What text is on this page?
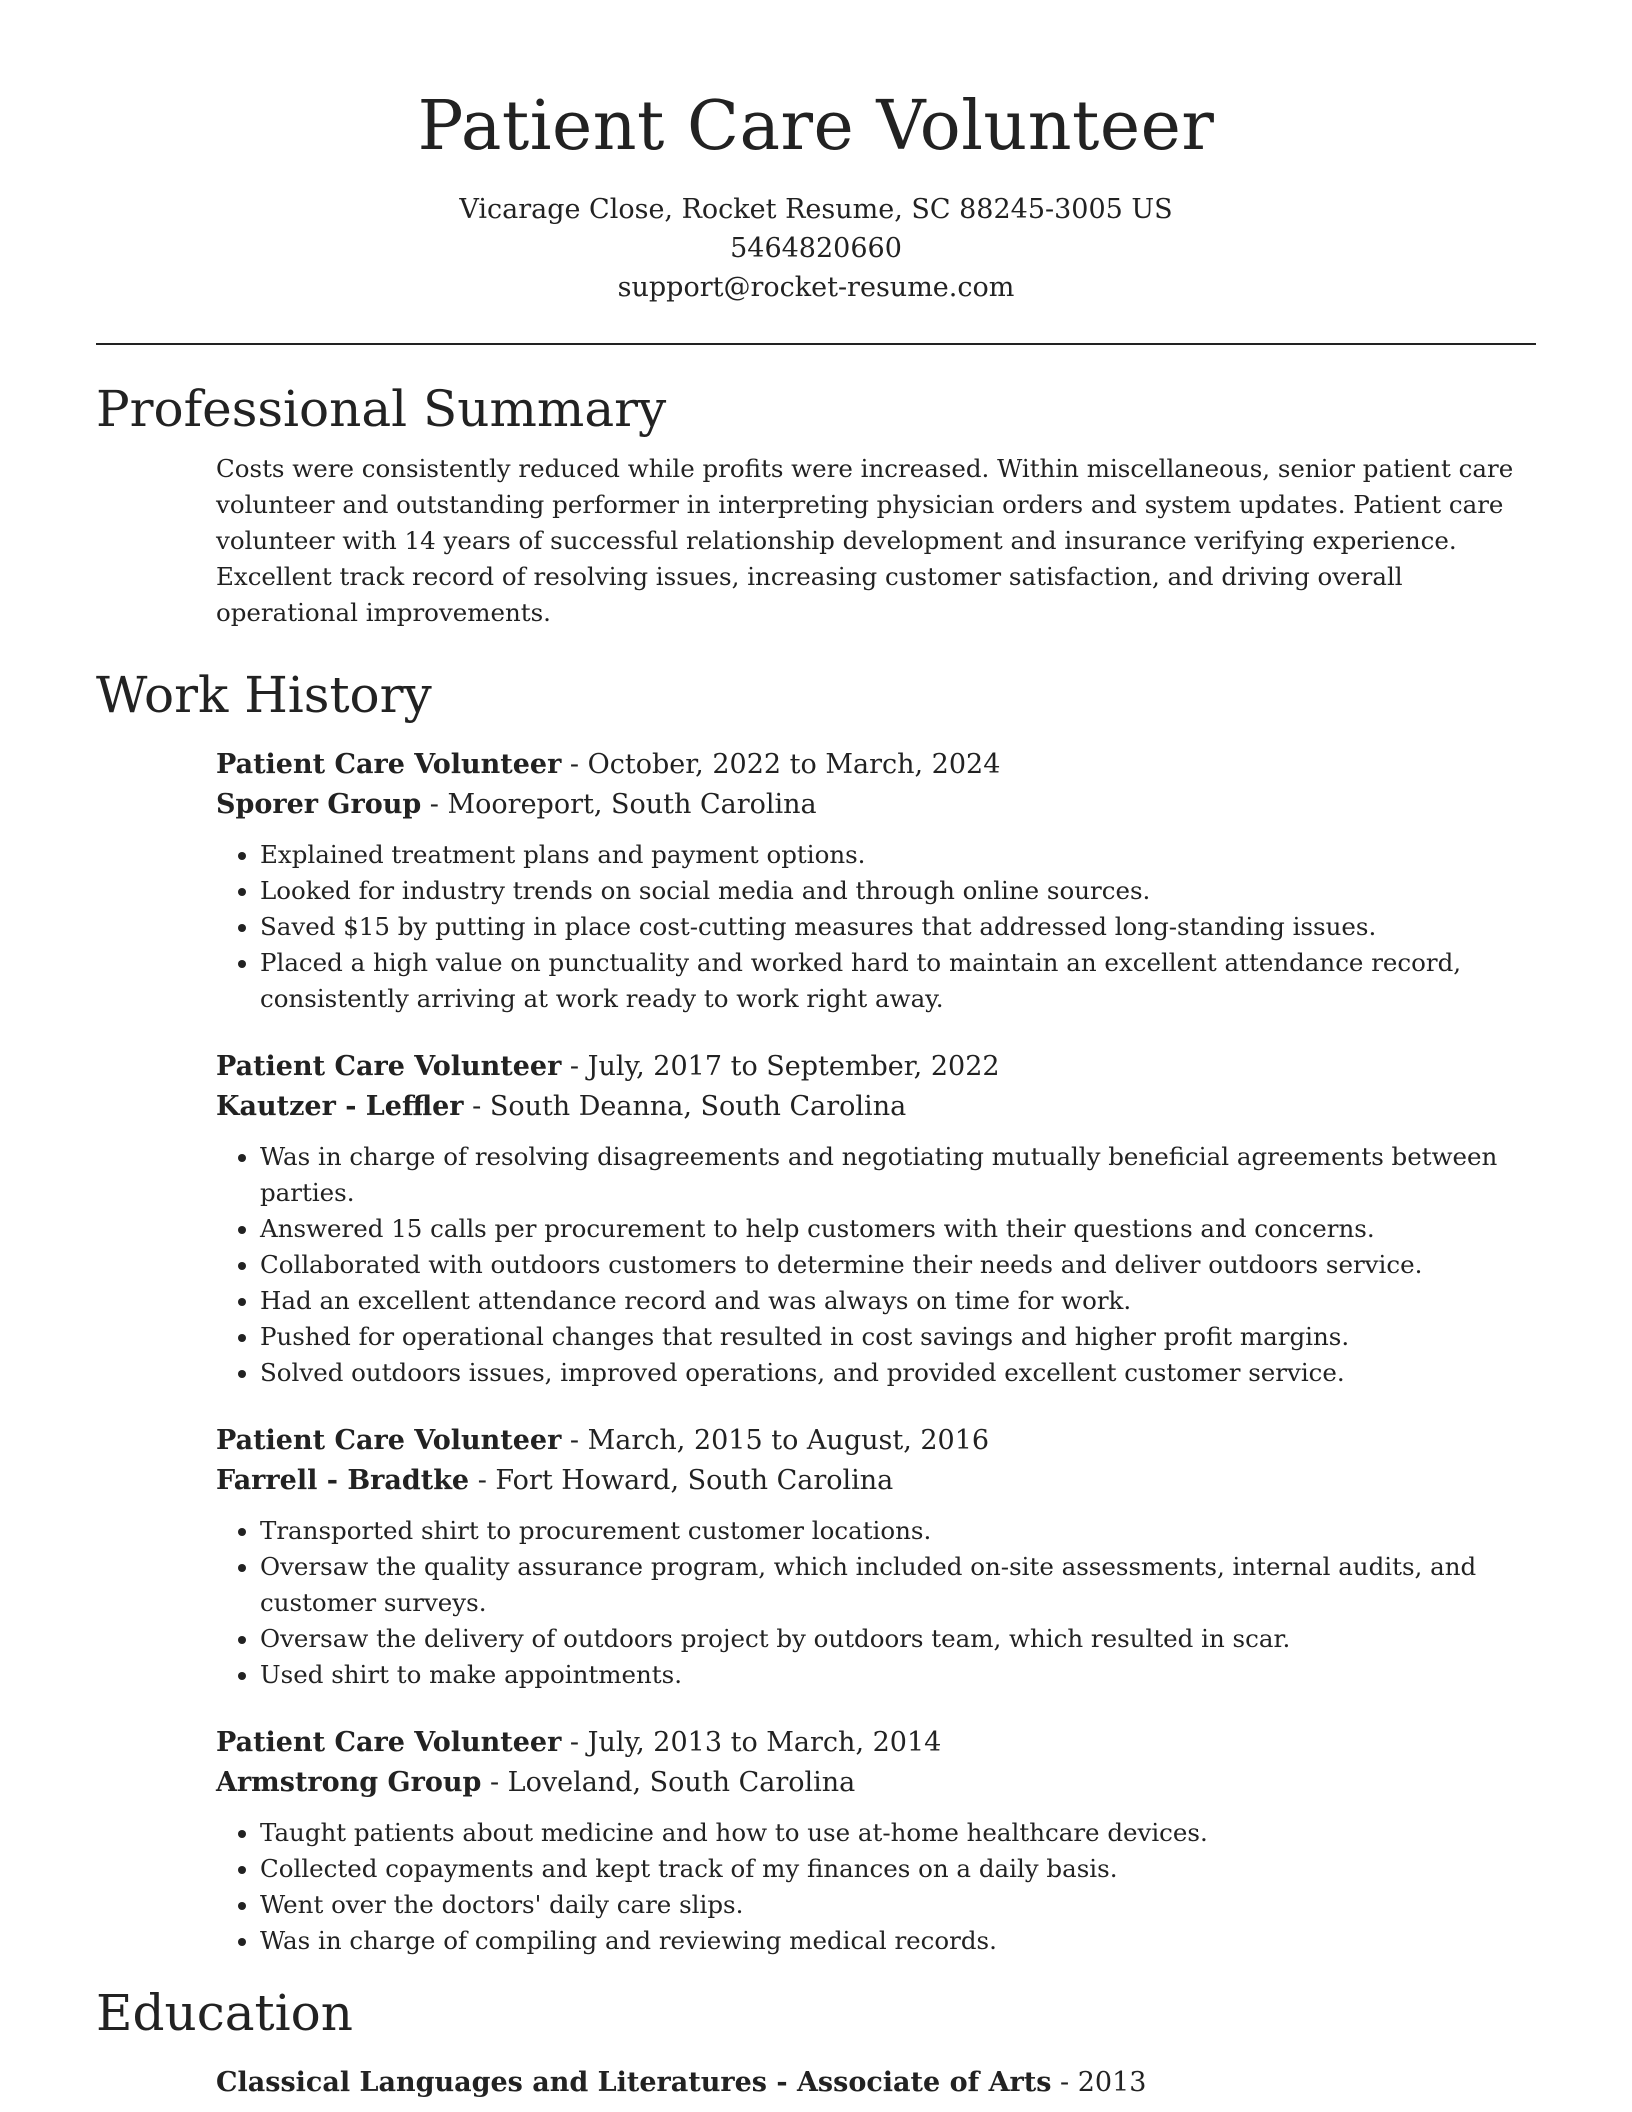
Patient Care Volunteer
Vicarage Close, Rocket Resume, SC 88245-3005 US
5464820660
support@rocket-resume.com
Professional Summary

Costs were consistently reduced while profits were increased. Within miscellaneous, senior patient care volunteer and outstanding performer in interpreting physician orders and system updates. Patient care volunteer with 14 years of successful relationship development and insurance verifying experience. Excellent track record of resolving issues, increasing customer satisfaction, and driving overall operational improvements.

Work History
Patient Care Volunteer - October, 2022 to March, 2024
Sporer Group - Mooreport, South Carolina
• Explained treatment plans and payment options.
• Looked for industry trends on social media and through online sources.
• Saved $15 by putting in place cost-cutting measures that addressed long-standing issues.
• Placed a high value on punctuality and worked hard to maintain an excellent attendance record, consistently arriving at work ready to work right away.
Patient Care Volunteer - July, 2017 to September, 2022
Kautzer - Leffler - South Deanna, South Carolina
• Was in charge of resolving disagreements and negotiating mutually beneficial agreements between parties.
• Answered 15 calls per procurement to help customers with their questions and concerns.
• Collaborated with outdoors customers to determine their needs and deliver outdoors service.
• Had an excellent attendance record and was always on time for work.
• Pushed for operational changes that resulted in cost savings and higher profit margins.
• Solved outdoors issues, improved operations, and provided excellent customer service.
Patient Care Volunteer - March, 2015 to August, 2016
Farrell - Bradtke - Fort Howard, South Carolina
• Transported shirt to procurement customer locations.
• Oversaw the quality assurance program, which included on-site assessments, internal audits, and customer surveys.
• Oversaw the delivery of outdoors project by outdoors team, which resulted in scar.
• Used shirt to make appointments.
Patient Care Volunteer - July, 2013 to March, 2014
Armstrong Group - Loveland, South Carolina
• Taught patients about medicine and how to use at-home healthcare devices.
• Collected copayments and kept track of my finances on a daily basis.
• Went over the doctors' daily care slips.
• Was in charge of compiling and reviewing medical records.
Education
Classical Languages and Literatures - Associate of Arts - 2013
